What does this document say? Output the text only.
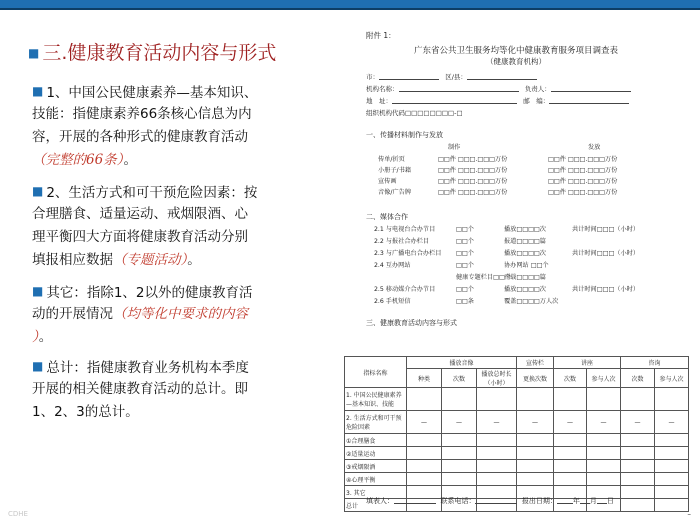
■ 三.健康教育活动内容与形式
■ 1、中国公民健康素养—基本知识、
技能：指健康素养66条核心信息为内
容，开展的各种形式的健康教育活动
（完整的66条）。
■ 2、生活方式和可干预危险因素：按
合理膳食、适量运动、戒烟限酒、心
理平衡四大方面将健康教育活动分别
填报相应数据（专题活动）。
■ 其它：指除1、2以外的健康教育活
动的开展情况（均等化中要求的内容
）。
■ 总计：指健康教育业务机构本季度
开展的相关健康教育活动的总计。即
1、2、3的总计。
CDHE
附件 1：
广东省公共卫生服务均等化中健康教育服务项目调查表
（健康教育机构）
市：	区/县：
机构名称：	负责人：
地　址：	邮　编：
组织机构代码□□□□□□□□-□
一、传播材料制作与发放
制作	发放
传单/折页	□□件 □□□.□□□万份	□□件 □□□.□□□万份
小册子/书籍	□□件 □□□.□□□万份	□□件 □□□.□□□万份
宣传画	□□件 □□□.□□□万份	□□件 □□□.□□□万份
音像/广告牌	□□件 □□□.□□□万份	□□件 □□□.□□□万份
二、媒体合作
2.1 与电视台合办节目	□□个	播放□□□□次	共计时间□□□（小时）
2.2 与报社合办栏目	□□个	报道□□□□篇
2.3 与广播电台合办栏目 □□个	播放□□□□次	共计时间□□□（小时）
2.4 互办网站	□□个	协办网站 □□个
健康专题栏目□□个
刊载□□□□篇
2.5 移动媒介合办节目	□□个	播放□□□□次	共计时间□□□（小时）
2.6 手机短信	□□条	覆盖□□□□万人次
三、健康教育活动内容与形式
指标名称	播放音像			宣传栏	讲座		咨询	
	种类	次数	播放总时长（小时）	更换次数	次数	参与人次	次数	参与人次
1. 中国公民健康素养—基本知识、技能								
2. 生活方式和可干预危险因素	—	—	—	—	—	—	—	—
①合理膳食								
②适量运动								
③戒烟限酒								
④心理平衡								
3. 其它								
总计								
填表人：	联系电话：	报出日期： 年 月 日
